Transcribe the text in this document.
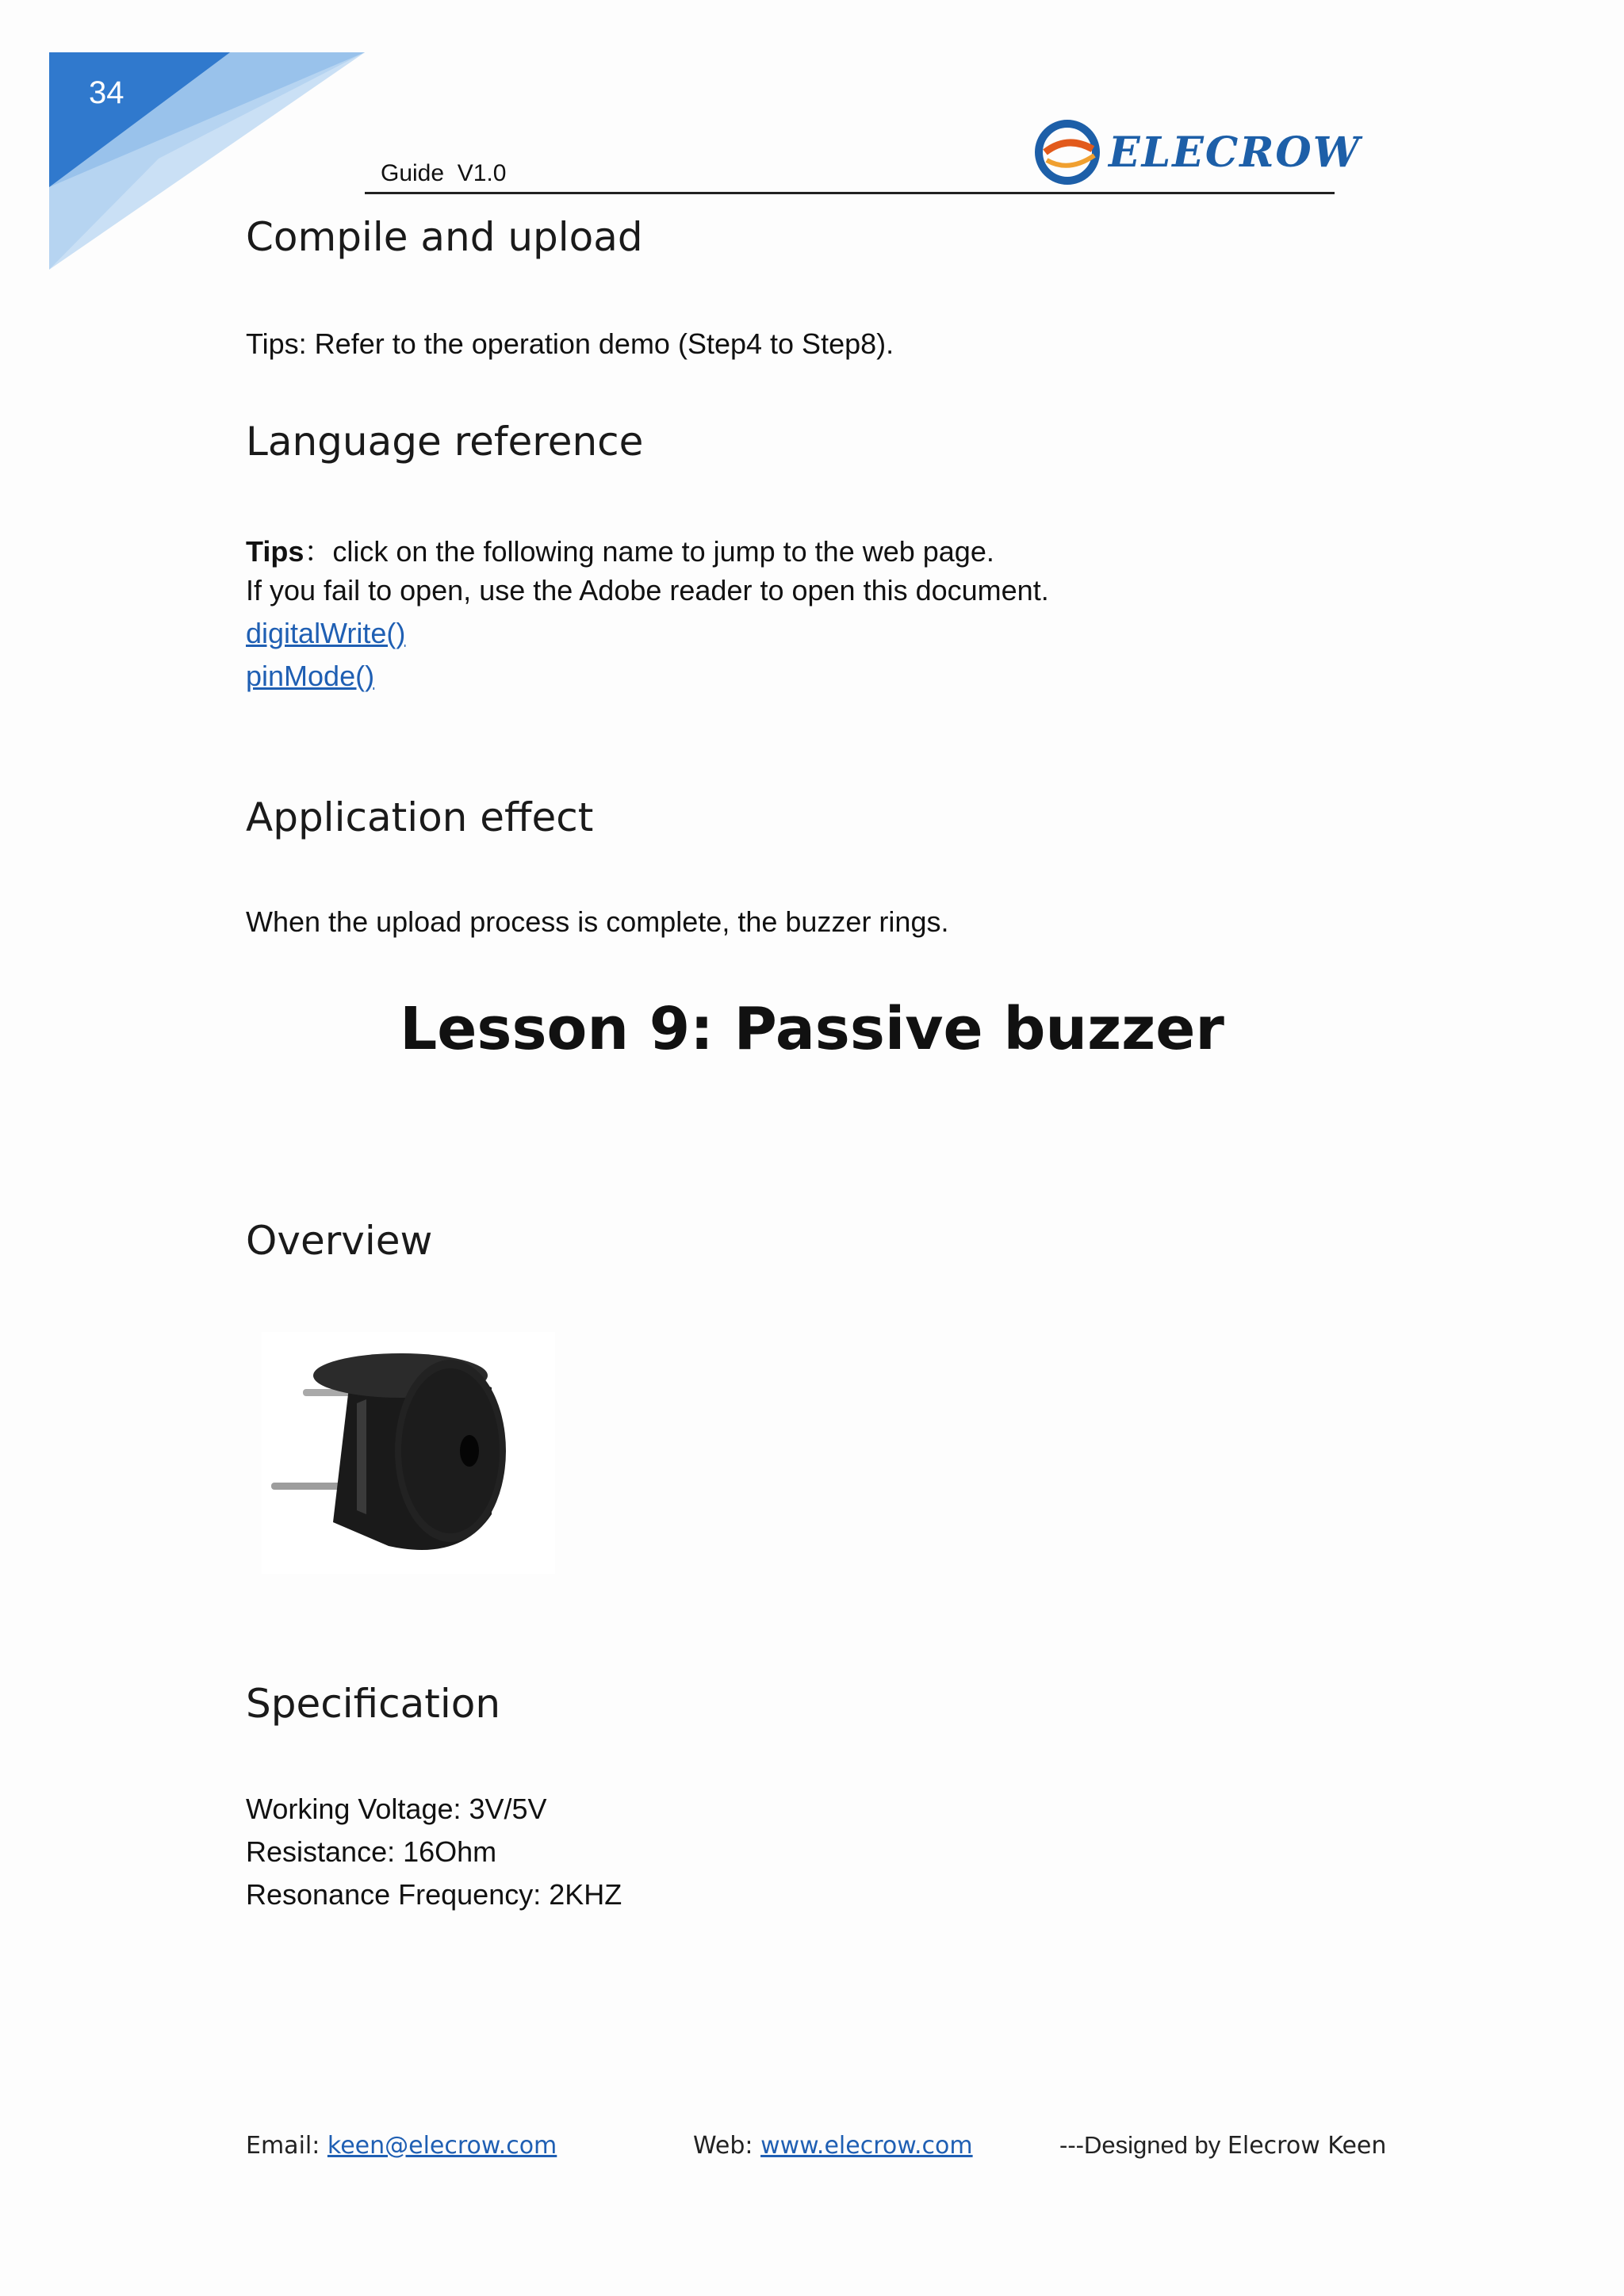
34
Guide  V1.0	ELECROW
Compile and upload

Tips: Refer to the operation demo (Step4 to Step8).

Language reference

Tips：click on the following name to jump to the web page.

If you fail to open, use the Adobe reader to open this document.

digitalWrite()

pinMode()

Application effect

When the upload process is complete, the buzzer rings.

Lesson 9: Passive buzzer
Overview
Specification

Working Voltage: 3V/5V

Resistance: 16Ohm

Resonance Frequency: 2KHZ

Email: keen@elecrow.com	Web: www.elecrow.com	---Designed by Elecrow Keen
